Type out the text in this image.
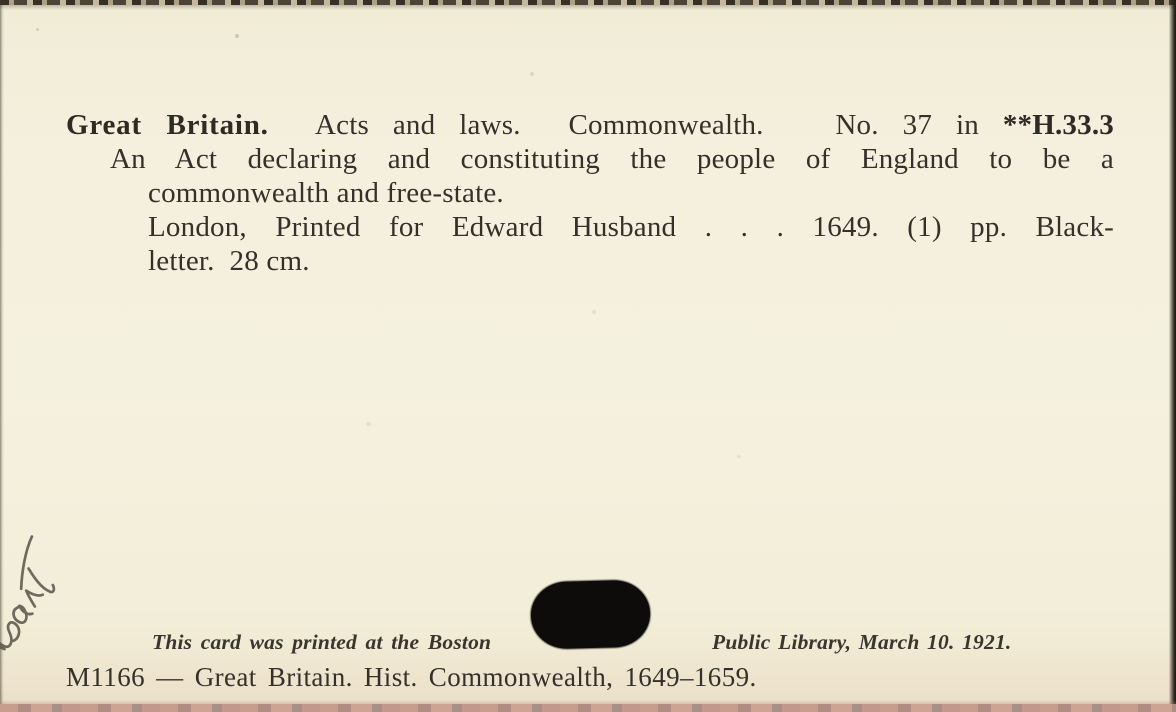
Great Britain.  Acts and laws.  Commonwealth.   No. 37 in **H.33.3
An Act declaring and constituting the people of England to be a
commonwealth and free-state.
London, Printed for Edward Husband . . . 1649. (1) pp. Black-
letter.  28 cm.
This card was printed at the Boston	Public Library, March 10. 1921.
M1166 — Great Britain. Hist. Commonwealth, 1649–1659.
